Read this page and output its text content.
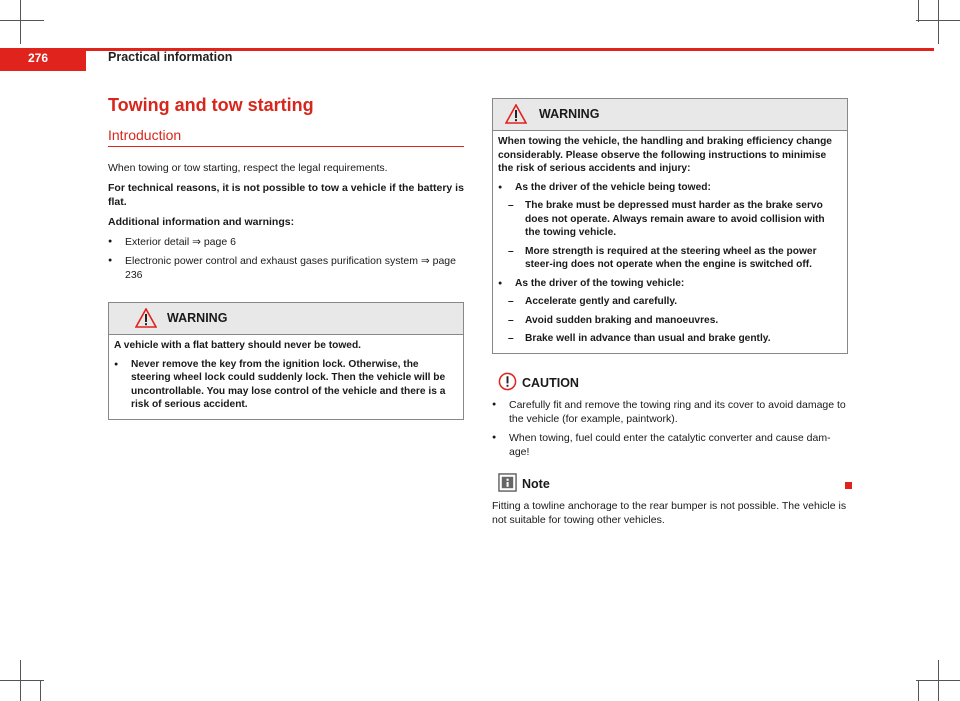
276	Practical information
Towing and tow starting
Introduction

When towing or tow starting, respect the legal requirements.

For technical reasons, it is not possible to tow a vehicle if the battery is flat.

Additional information and warnings:

● Exterior detail ⇒ page 6
● Electronic power control and exhaust gases purification system ⇒ page 236
WARNING

A vehicle with a flat battery should never be towed.

● Never remove the key from the ignition lock. Otherwise, the steering wheel lock could suddenly lock. Then the vehicle will be uncontrollable. You may lose control of the vehicle and there is a risk of serious accident.
WARNING

When towing the vehicle, the handling and braking efficiency change considerably. Please observe the following instructions to minimise the risk of serious accidents and injury:

● As the driver of the vehicle being towed:
– The brake must be depressed must harder as the brake servo does not operate. Always remain aware to avoid collision with the towing vehicle.
– More strength is required at the steering wheel as the power steer-ing does not operate when the engine is switched off.
● As the driver of the towing vehicle:
– Accelerate gently and carefully.
– Avoid sudden braking and manoeuvres.
– Brake well in advance than usual and brake gently.
CAUTION
● Carefully fit and remove the towing ring and its cover to avoid damage to the vehicle (for example, paintwork).
● When towing, fuel could enter the catalytic converter and cause dam-age!
Note

Fitting a towline anchorage to the rear bumper is not possible. The vehicle is not suitable for towing other vehicles.
